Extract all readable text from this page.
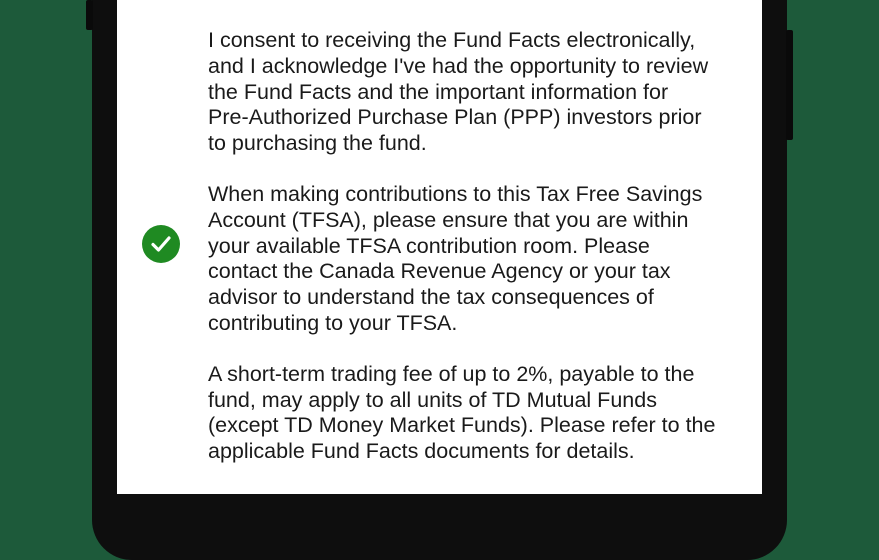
I consent to receiving the Fund Facts electronically,
and I acknowledge I've had the opportunity to review
the Fund Facts and the important information for
Pre-Authorized Purchase Plan (PPP) investors prior
to purchasing the fund.

When making contributions to this Tax Free Savings
Account (TFSA), please ensure that you are within
your available TFSA contribution room. Please
contact the Canada Revenue Agency or your tax
advisor to understand the tax consequences of
contributing to your TFSA.

A short-term trading fee of up to 2%, payable to the
fund, may apply to all units of TD Mutual Funds
(except TD Money Market Funds). Please refer to the
applicable Fund Facts documents for details.
